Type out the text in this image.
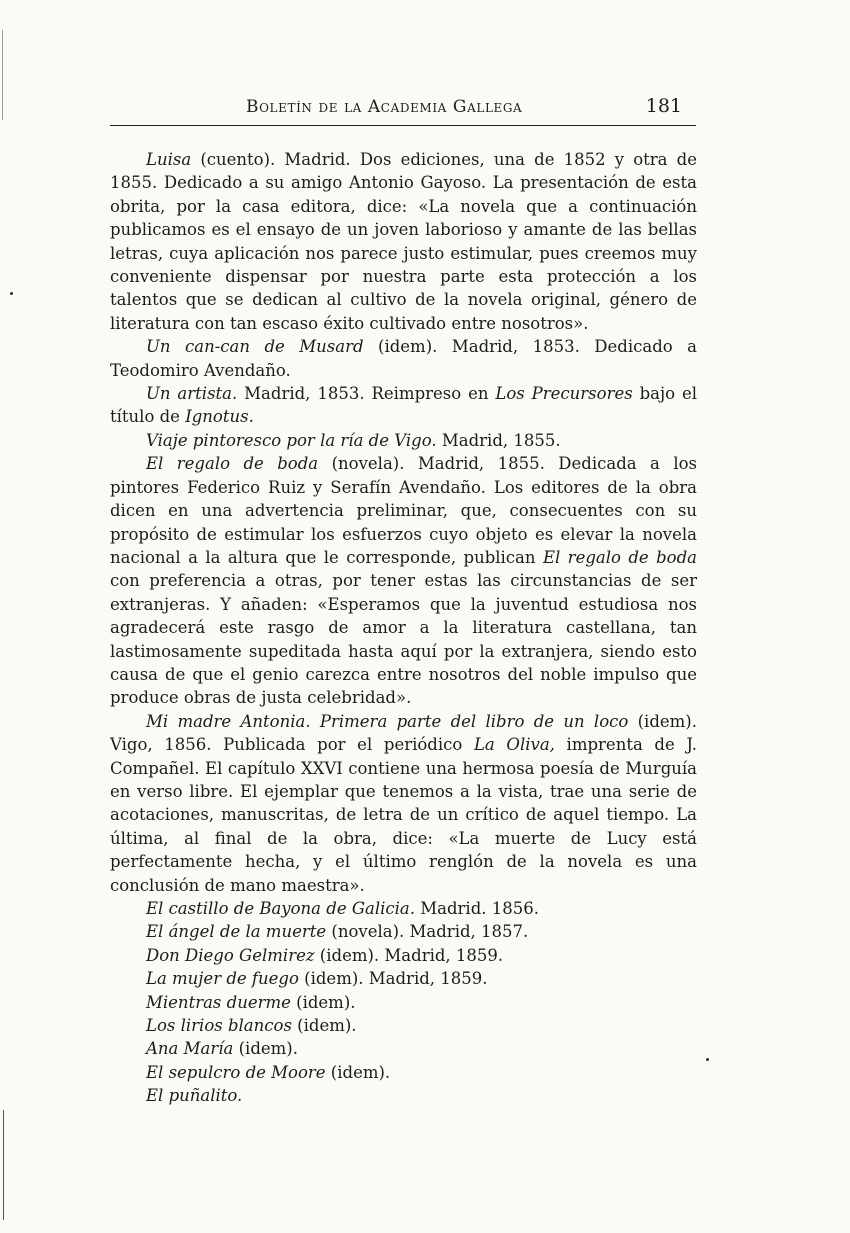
Boletín de la Academia Gallega	181

Luisa (cuento). Madrid. Dos ediciones, una de 1852 y otra de 1855. Dedicado a su amigo Antonio Gayoso. La presentación de esta obrita, por la casa editora, dice: «La novela que a continuación publicamos es el ensayo de un joven laborioso y amante de las bellas letras, cuya aplicación nos parece justo estimular, pues creemos muy conveniente dispensar por nuestra parte esta protección a los talentos que se dedican al cultivo de la novela original, género de literatura con tan escaso éxito cultivado entre nosotros».

Un can-can de Musard (idem). Madrid, 1853. Dedicado a Teodomiro Avendaño.

Un artista. Madrid, 1853. Reimpreso en Los Precursores bajo el título de Ignotus.

Viaje pintoresco por la ría de Vigo. Madrid, 1855.

El regalo de boda (novela). Madrid, 1855. Dedicada a los pintores Federico Ruiz y Serafín Avendaño. Los editores de la obra dicen en una advertencia preliminar, que, consecuentes con su propósito de estimular los esfuerzos cuyo objeto es elevar la novela nacional a la altura que le corresponde, publican El regalo de boda con preferencia a otras, por tener estas las circunstancias de ser extranjeras. Y añaden: «Esperamos que la juventud estudiosa nos agradecerá este rasgo de amor a la literatura castellana, tan lastimosamente supeditada hasta aquí por la extranjera, siendo esto causa de que el genio carezca entre nosotros del noble impulso que produce obras de justa celebridad».

Mi madre Antonia. Primera parte del libro de un loco (idem). Vigo, 1856. Publicada por el periódico La Oliva, imprenta de J. Compañel. El capítulo XXVI contiene una hermosa poesía de Murguía en verso libre. El ejemplar que tenemos a la vista, trae una serie de acotaciones, manuscritas, de letra de un crítico de aquel tiempo. La última, al final de la obra, dice: «La muerte de Lucy está perfectamente hecha, y el último renglón de la novela es una conclusión de mano maestra».

El castillo de Bayona de Galicia. Madrid. 1856.

El ángel de la muerte (novela). Madrid, 1857.

Don Diego Gelmirez (idem). Madrid, 1859.

La mujer de fuego (idem). Madrid, 1859.

Mientras duerme (idem).

Los lirios blancos (idem).

Ana María (idem).

El sepulcro de Moore (idem).

El puñalito.
